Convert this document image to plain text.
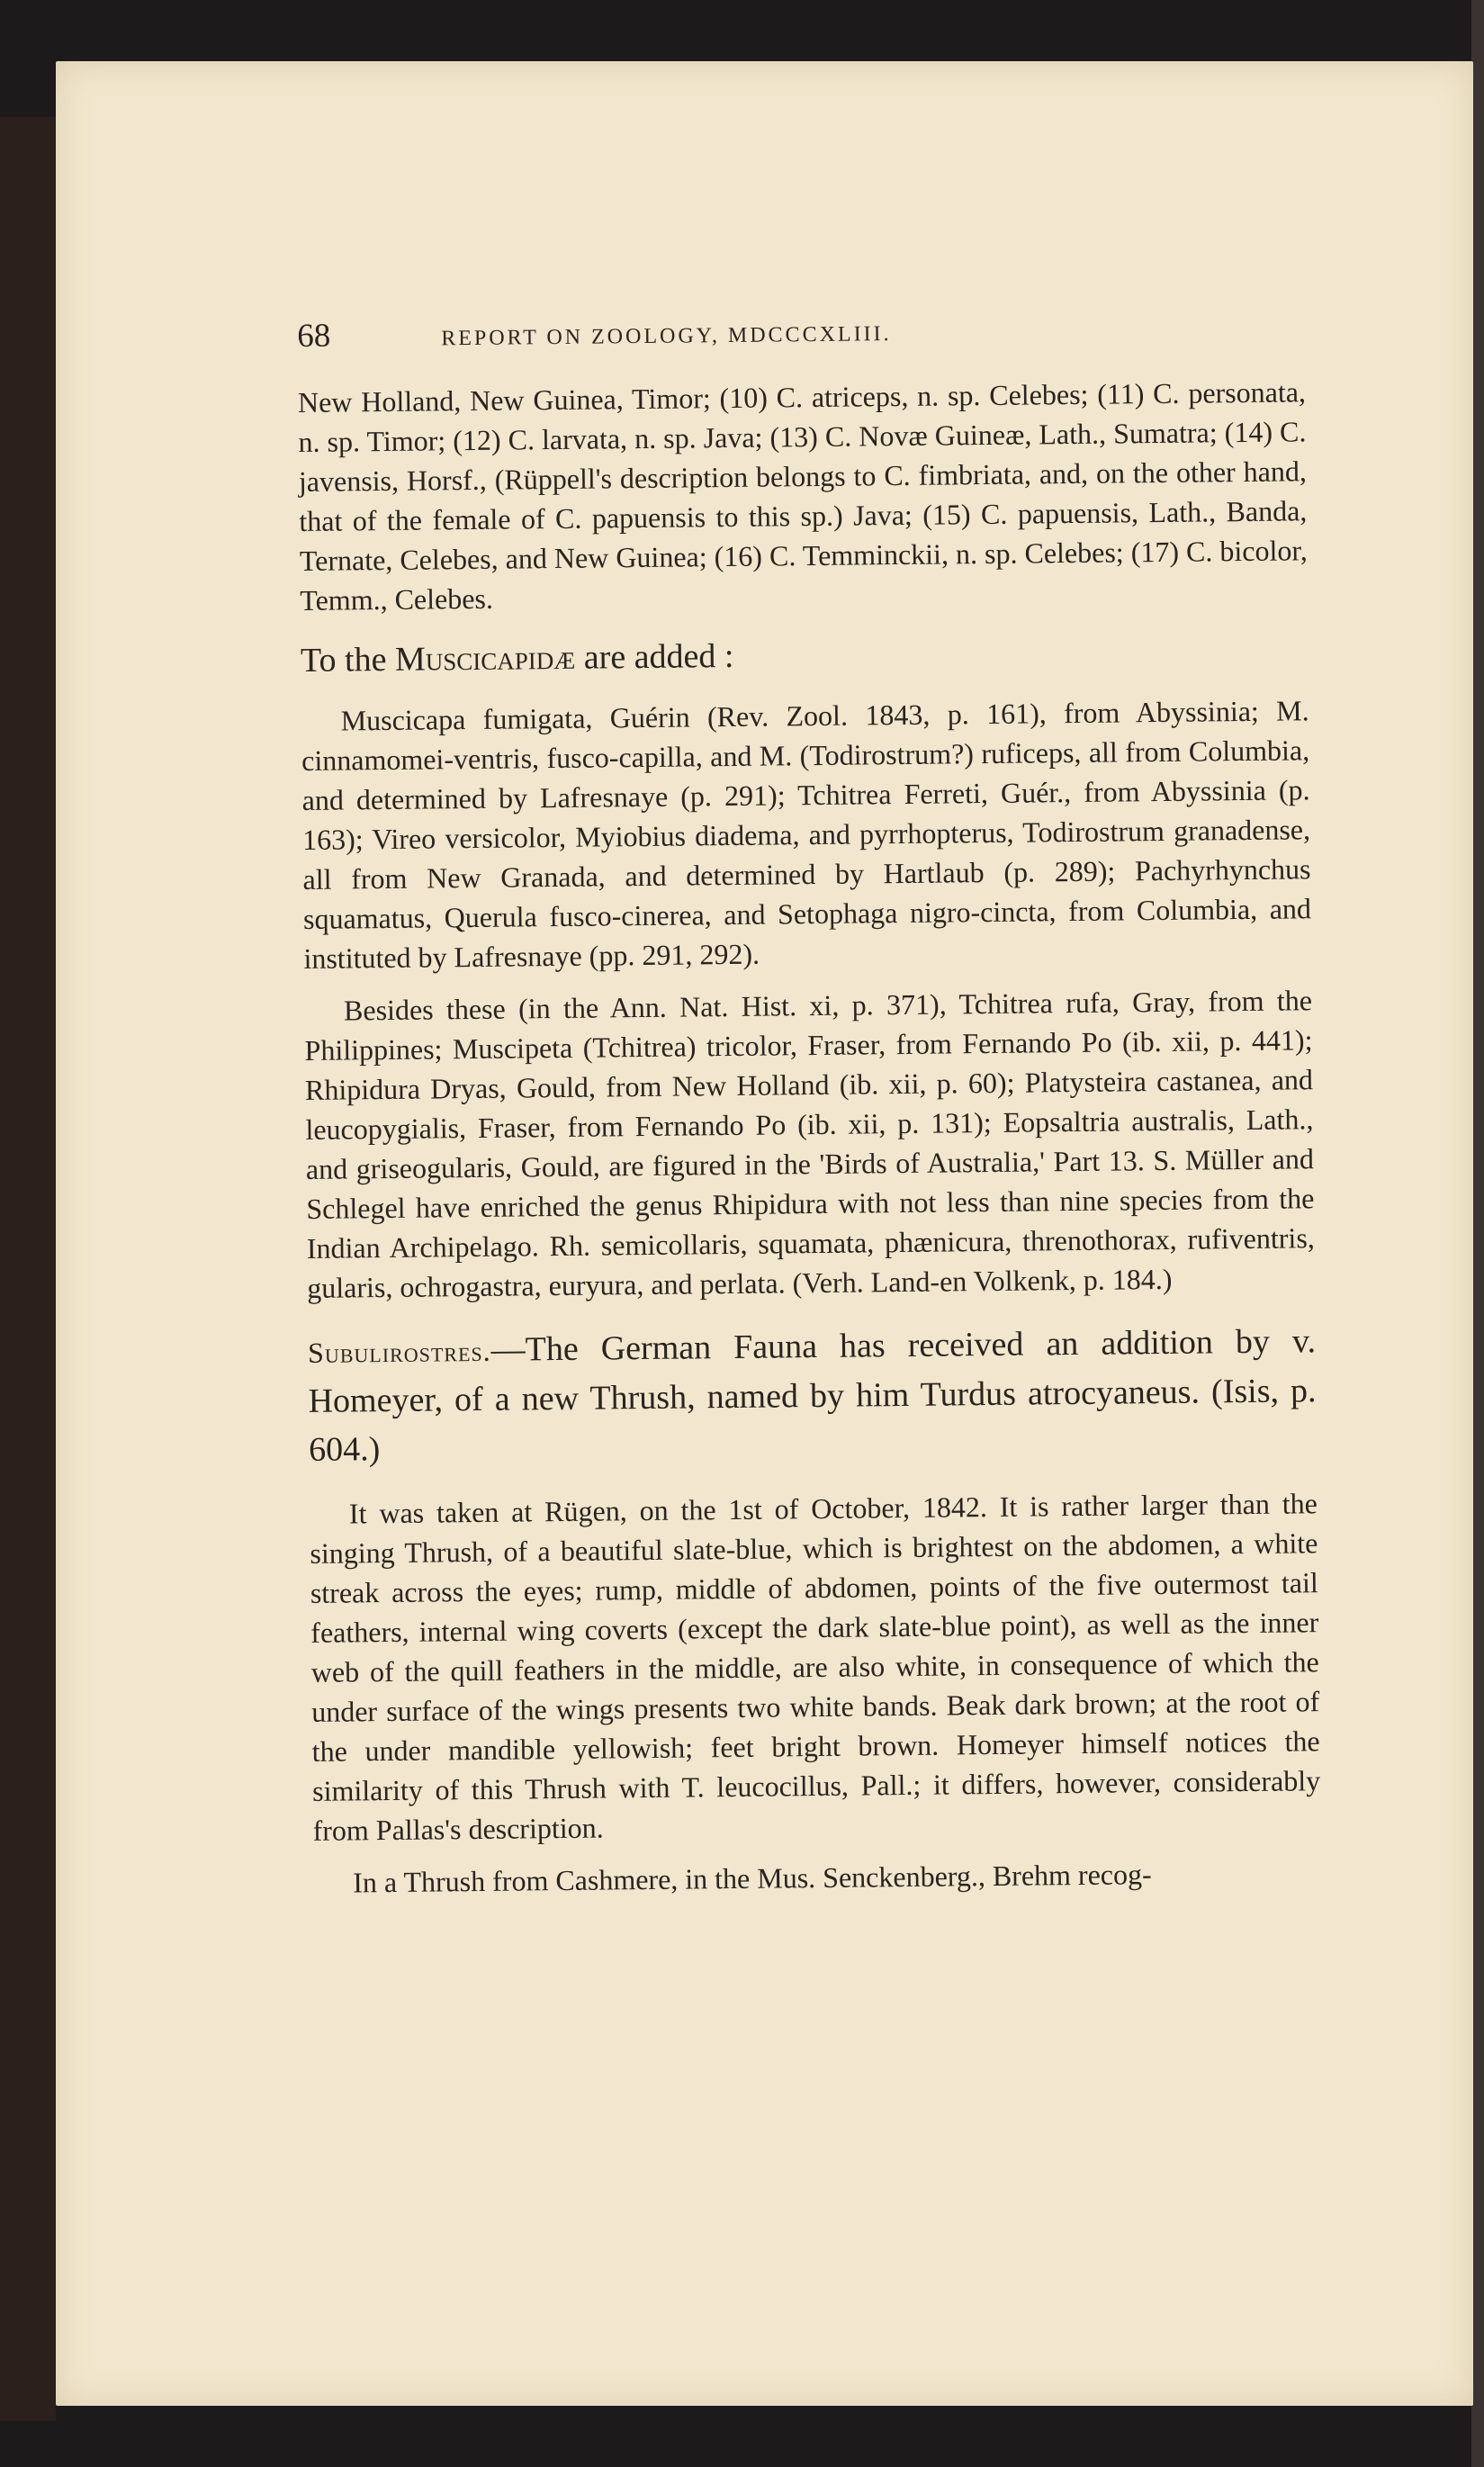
68	REPORT ON ZOOLOGY, MDCCCXLIII.

New Holland, New Guinea, Timor; (10) C. atriceps, n. sp. Celebes; (11) C. personata, n. sp. Timor; (12) C. larvata, n. sp. Java; (13) C. Novæ Guineæ, Lath., Sumatra; (14) C. javensis, Horsf., (Rüppell's description belongs to C. fimbriata, and, on the other hand, that of the female of C. papuensis to this sp.) Java; (15) C. papuensis, Lath., Banda, Ternate, Celebes, and New Guinea; (16) C. Temminckii, n. sp. Celebes; (17) C. bicolor, Temm., Celebes.

To the Muscicapidæ are added :

Muscicapa fumigata, Guérin (Rev. Zool. 1843, p. 161), from Abyssinia; M. cinnamomei-ventris, fusco-capilla, and M. (Todirostrum?) ruficeps, all from Columbia, and determined by Lafresnaye (p. 291); Tchitrea Ferreti, Guér., from Abyssinia (p. 163); Vireo versicolor, Myiobius diadema, and pyrrhopterus, Todirostrum granadense, all from New Granada, and determined by Hartlaub (p. 289); Pachyrhynchus squamatus, Querula fusco-cinerea, and Setophaga nigro-cincta, from Columbia, and instituted by Lafresnaye (pp. 291, 292).

Besides these (in the Ann. Nat. Hist. xi, p. 371), Tchitrea rufa, Gray, from the Philippines; Muscipeta (Tchitrea) tricolor, Fraser, from Fernando Po (ib. xii, p. 441); Rhipidura Dryas, Gould, from New Holland (ib. xii, p. 60); Platysteira castanea, and leucopygialis, Fraser, from Fernando Po (ib. xii, p. 131); Eopsaltria australis, Lath., and griseogularis, Gould, are figured in the 'Birds of Australia,' Part 13. S. Müller and Schlegel have enriched the genus Rhipidura with not less than nine species from the Indian Archipelago. Rh. semicollaris, squamata, phænicura, threnothorax, rufiventris, gularis, ochrogastra, euryura, and perlata. (Verh. Land-en Volkenk, p. 184.)

Subulirostres.—The German Fauna has received an addition by v. Homeyer, of a new Thrush, named by him Turdus atrocyaneus. (Isis, p. 604.)

It was taken at Rügen, on the 1st of October, 1842. It is rather larger than the singing Thrush, of a beautiful slate-blue, which is brightest on the abdomen, a white streak across the eyes; rump, middle of abdomen, points of the five outermost tail feathers, internal wing coverts (except the dark slate-blue point), as well as the inner web of the quill feathers in the middle, are also white, in consequence of which the under surface of the wings presents two white bands. Beak dark brown; at the root of the under mandible yellowish; feet bright brown. Homeyer himself notices the similarity of this Thrush with T. leucocillus, Pall.; it differs, however, considerably from Pallas's description.

In a Thrush from Cashmere, in the Mus. Senckenberg., Brehm recog-
